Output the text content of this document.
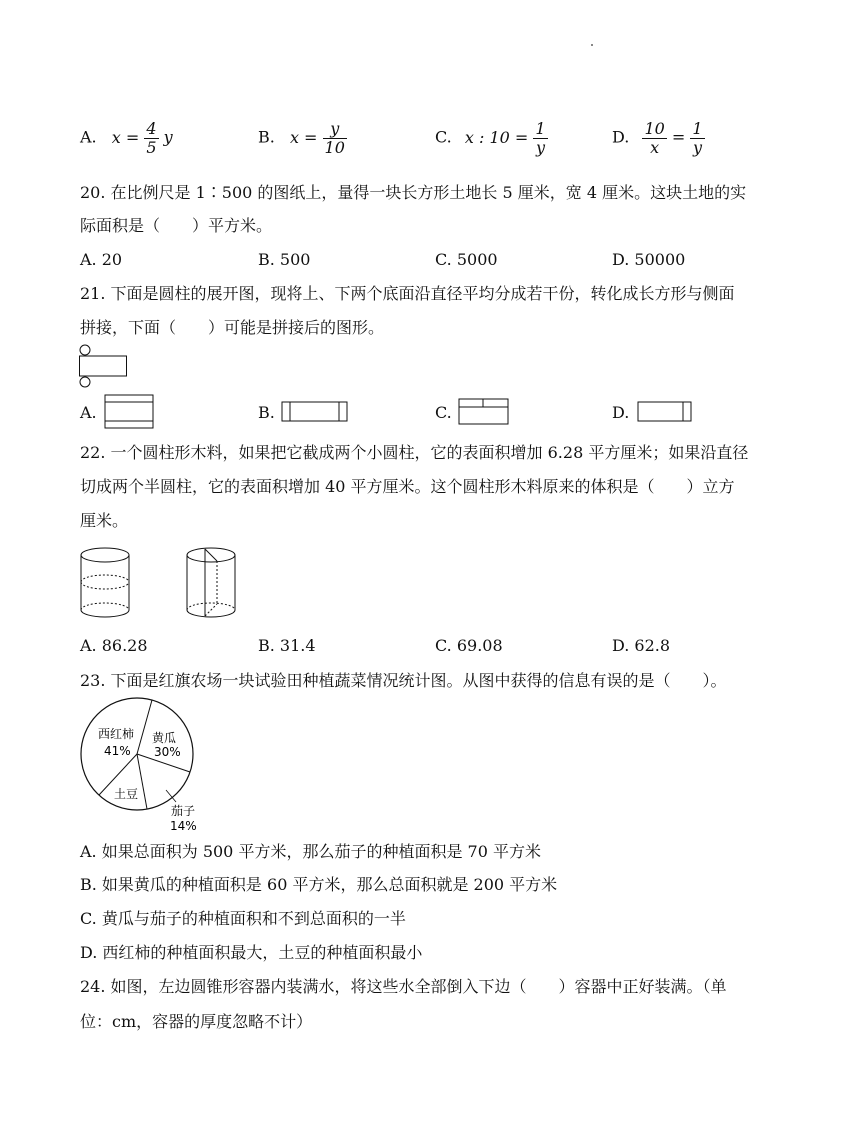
A. $x = \frac{4}{5}$ y	B. $x = \frac{y}{10}$	C. x : $10 = \frac{1}{y}$	D. $\frac{10}{x} = \frac{1}{y}$
20. 在比例尺是 1∶500 的图纸上，量得一块长方形土地长 5 厘米，宽 4 厘米。这块土地的实
际面积是（　　）平方米。
A. 20	B. 500	C. 5000	D. 50000
21. 下面是圆柱的展开图，现将上、下两个底面沿直径平均分成若干份，转化成长方形与侧面
拼接，下面（　　）可能是拼接后的图形。
A.	B.	C.	D.
22. 一个圆柱形木料，如果把它截成两个小圆柱，它的表面积增加 6.28 平方厘米；如果沿直径
切成两个半圆柱，它的表面积增加 40 平方厘米。这个圆柱形木料原来的体积是（　　）立方
厘米。
A. 86.28	B. 31.4	C. 69.08	D. 62.8
23. 下面是红旗农场一块试验田种植蔬菜情况统计图。从图中获得的信息有误的是（　　）。
西红柿
41%
黄瓜
30%
土豆
茄子
14%
A. 如果总面积为 500 平方米，那么茄子的种植面积是 70 平方米
B. 如果黄瓜的种植面积是 60 平方米，那么总面积就是 200 平方米
C. 黄瓜与茄子的种植面积和不到总面积的一半
D. 西红柿的种植面积最大，土豆的种植面积最小
24. 如图，左边圆锥形容器内装满水，将这些水全部倒入下边（　　）容器中正好装满。（单
位：cm，容器的厚度忽略不计）
